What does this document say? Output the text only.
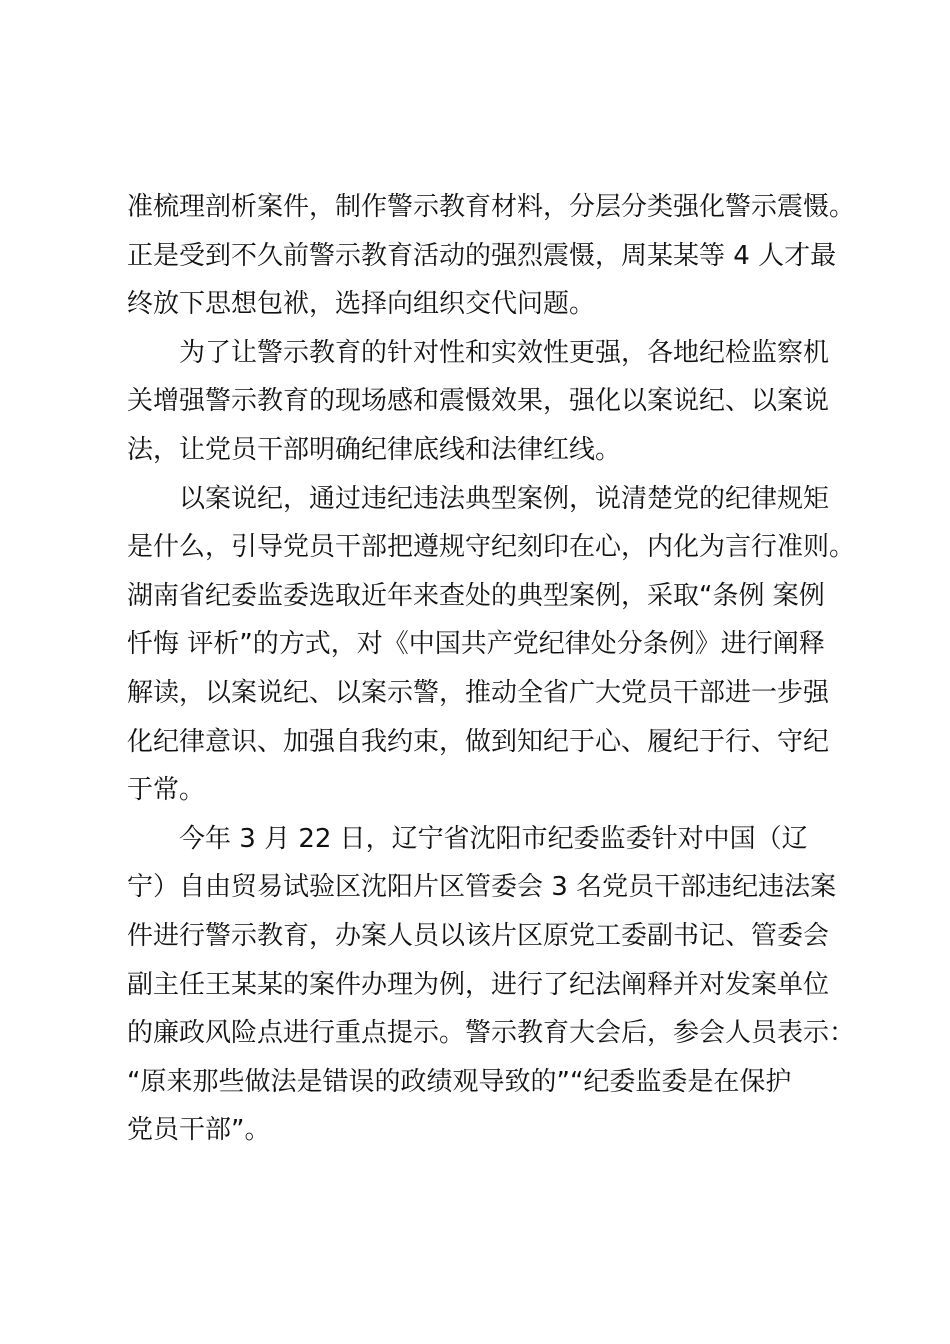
准梳理剖析案件，制作警示教育材料，分层分类强化警示震慑。
正是受到不久前警示教育活动的强烈震慑，周某某等 4 人才最
终放下思想包袱，选择向组织交代问题。
　　为了让警示教育的针对性和实效性更强，各地纪检监察机
关增强警示教育的现场感和震慑效果，强化以案说纪、以案说
法，让党员干部明确纪律底线和法律红线。
　　以案说纪，通过违纪违法典型案例，说清楚党的纪律规矩
是什么，引导党员干部把遵规守纪刻印在心，内化为言行准则。
湖南省纪委监委选取近年来查处的典型案例，采取“条例 案例
忏悔 评析”的方式，对《中国共产党纪律处分条例》进行阐释
解读，以案说纪、以案示警，推动全省广大党员干部进一步强
化纪律意识、加强自我约束，做到知纪于心、履纪于行、守纪
于常。
　　今年 3 月 22 日，辽宁省沈阳市纪委监委针对中国（辽
宁）自由贸易试验区沈阳片区管委会 3 名党员干部违纪违法案
件进行警示教育，办案人员以该片区原党工委副书记、管委会
副主任王某某的案件办理为例，进行了纪法阐释并对发案单位
的廉政风险点进行重点提示。警示教育大会后，参会人员表示：
“原来那些做法是错误的政绩观导致的”“纪委监委是在保护
党员干部”。
